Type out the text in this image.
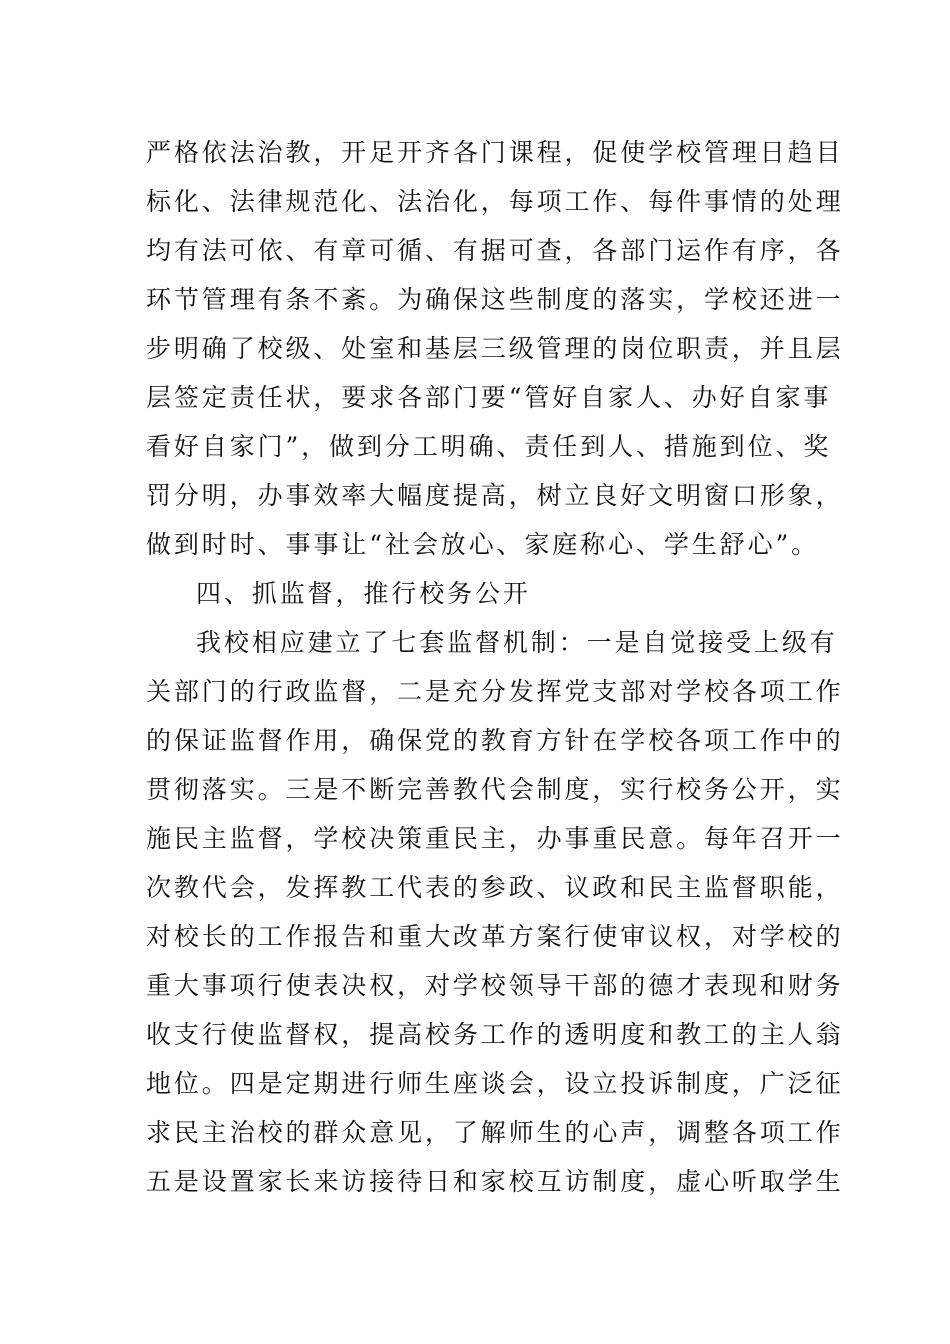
严格依法治教，开足开齐各门课程，促使学校管理日趋目
标化、法律规范化、法治化，每项工作、每件事情的处理
均有法可依、有章可循、有据可查，各部门运作有序，各
环节管理有条不紊。为确保这些制度的落实，学校还进一
步明确了校级、处室和基层三级管理的岗位职责，并且层
层签定责任状，要求各部门要“管好自家人、办好自家事
看好自家门”，做到分工明确、责任到人、措施到位、奖
罚分明，办事效率大幅度提高，树立良好文明窗口形象，
做到时时、事事让“社会放心、家庭称心、学生舒心”。
四、抓监督，推行校务公开
我校相应建立了七套监督机制：一是自觉接受上级有
关部门的行政监督，二是充分发挥党支部对学校各项工作
的保证监督作用，确保党的教育方针在学校各项工作中的
贯彻落实。三是不断完善教代会制度，实行校务公开，实
施民主监督，学校决策重民主，办事重民意。每年召开一
次教代会，发挥教工代表的参政、议政和民主监督职能，
对校长的工作报告和重大改革方案行使审议权，对学校的
重大事项行使表决权，对学校领导干部的德才表现和财务
收支行使监督权，提高校务工作的透明度和教工的主人翁
地位。四是定期进行师生座谈会，设立投诉制度，广泛征
求民主治校的群众意见，了解师生的心声，调整各项工作
五是设置家长来访接待日和家校互访制度，虚心听取学生
